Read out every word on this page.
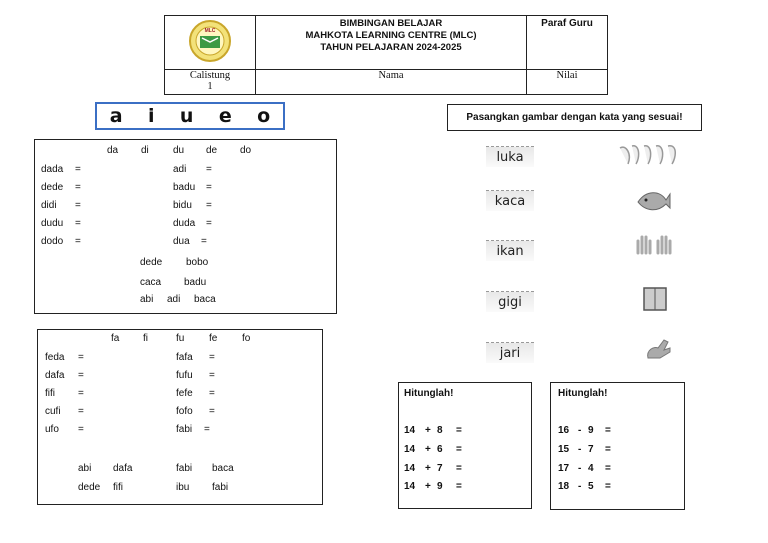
MLC	BIMBINGAN BELAJAR
MAHKOTA LEARNING CENTRE (MLC)
TAHUN PELAJARAN 2024-2025	Paraf Guru

Calistung
1	Nama	Nilai
a i u e o
da di du de do
dada =	adi =
dede =	badu =
didi =	bidu =
dudu =	duda =
dodo =	dua =
dede bobo
caca badu
abi adi baca
fa fi	fu fe fo
feda =	fafa =
dafa =	fufu =
fifi =	fefe =
cufi =	fofo =
ufo =	fabi =
abi dafa	fabi baca
dede fifi	ibu fabi
Pasangkan gambar dengan kata yang sesuai!
luka
kaca
ikan
gigi
jari
Hitunglah!
14 + 8 =
14 + 6 =
14 + 7 =
14 + 9 =
Hitunglah!
16 - 9 =
15 - 7 =
17 - 4 =
18 - 5 =
